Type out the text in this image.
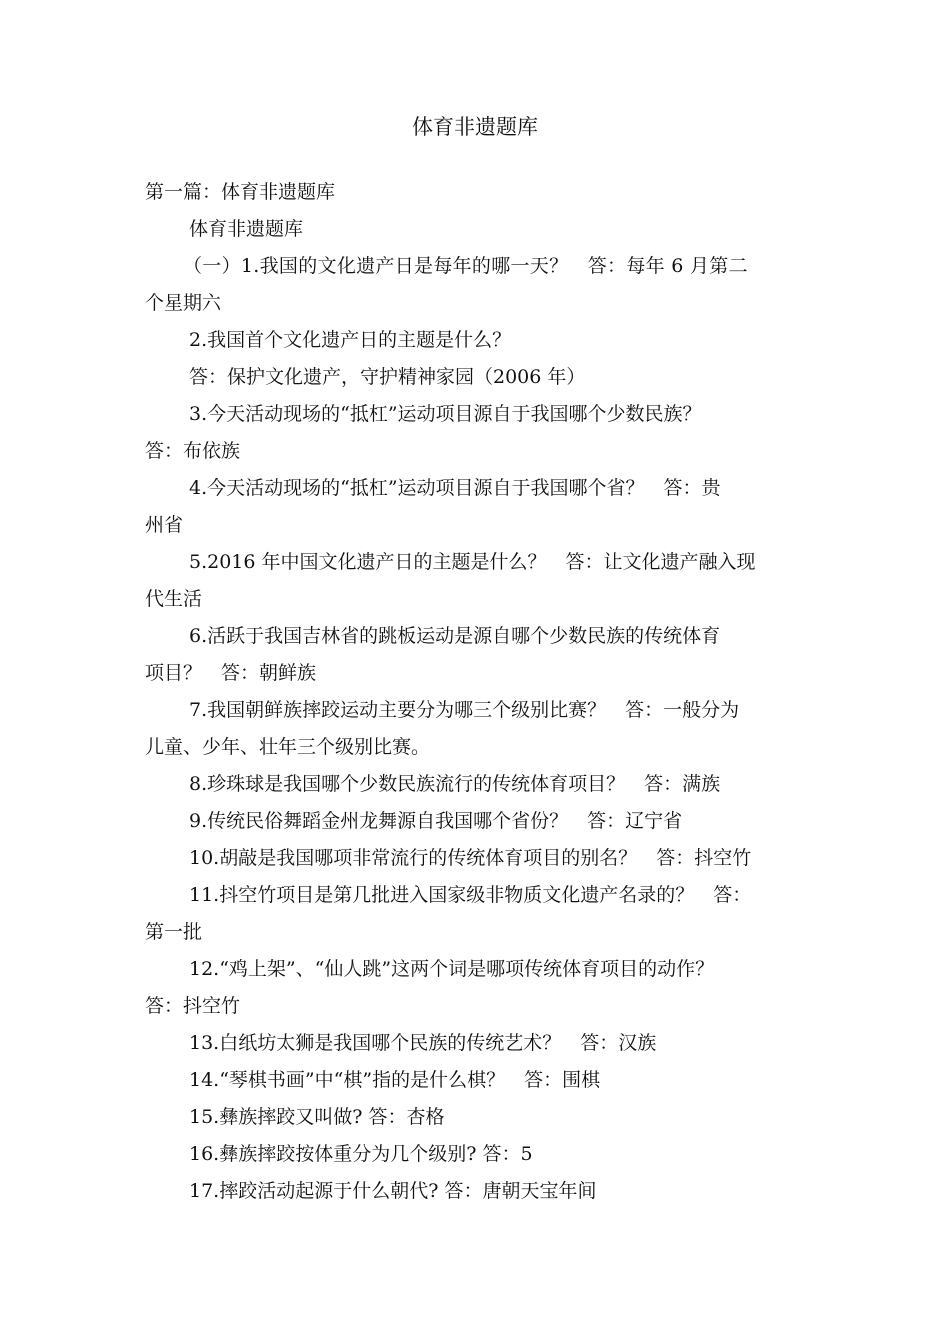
体育非遗题库
第一篇：体育非遗题库
体育非遗题库
（一）1.我国的文化遗产日是每年的哪一天？　答：每年 6 月第二
个星期六
2.我国首个文化遗产日的主题是什么？
答：保护文化遗产，守护精神家园（2006 年）
3.今天活动现场的“抵杠”运动项目源自于我国哪个少数民族？
答：布依族
4.今天活动现场的“抵杠”运动项目源自于我国哪个省？　答：贵
州省
5.2016 年中国文化遗产日的主题是什么？　答：让文化遗产融入现
代生活
6.活跃于我国吉林省的跳板运动是源自哪个少数民族的传统体育
项目？　答：朝鲜族
7.我国朝鲜族摔跤运动主要分为哪三个级别比赛？　答：一般分为
儿童、少年、壮年三个级别比赛。
8.珍珠球是我国哪个少数民族流行的传统体育项目？　答：满族
9.传统民俗舞蹈金州龙舞源自我国哪个省份？　答：辽宁省
10.胡敲是我国哪项非常流行的传统体育项目的别名？　答：抖空竹
11.抖空竹项目是第几批进入国家级非物质文化遗产名录的？　答：
第一批
12.“鸡上架”、“仙人跳”这两个词是哪项传统体育项目的动作？
答：抖空竹
13.白纸坊太狮是我国哪个民族的传统艺术？　答：汉族
14.“琴棋书画”中“棋”指的是什么棋？　答：围棋
15.彝族摔跤又叫做? 答：杏格
16.彝族摔跤按体重分为几个级别? 答：5
17.摔跤活动起源于什么朝代? 答：唐朝天宝年间
